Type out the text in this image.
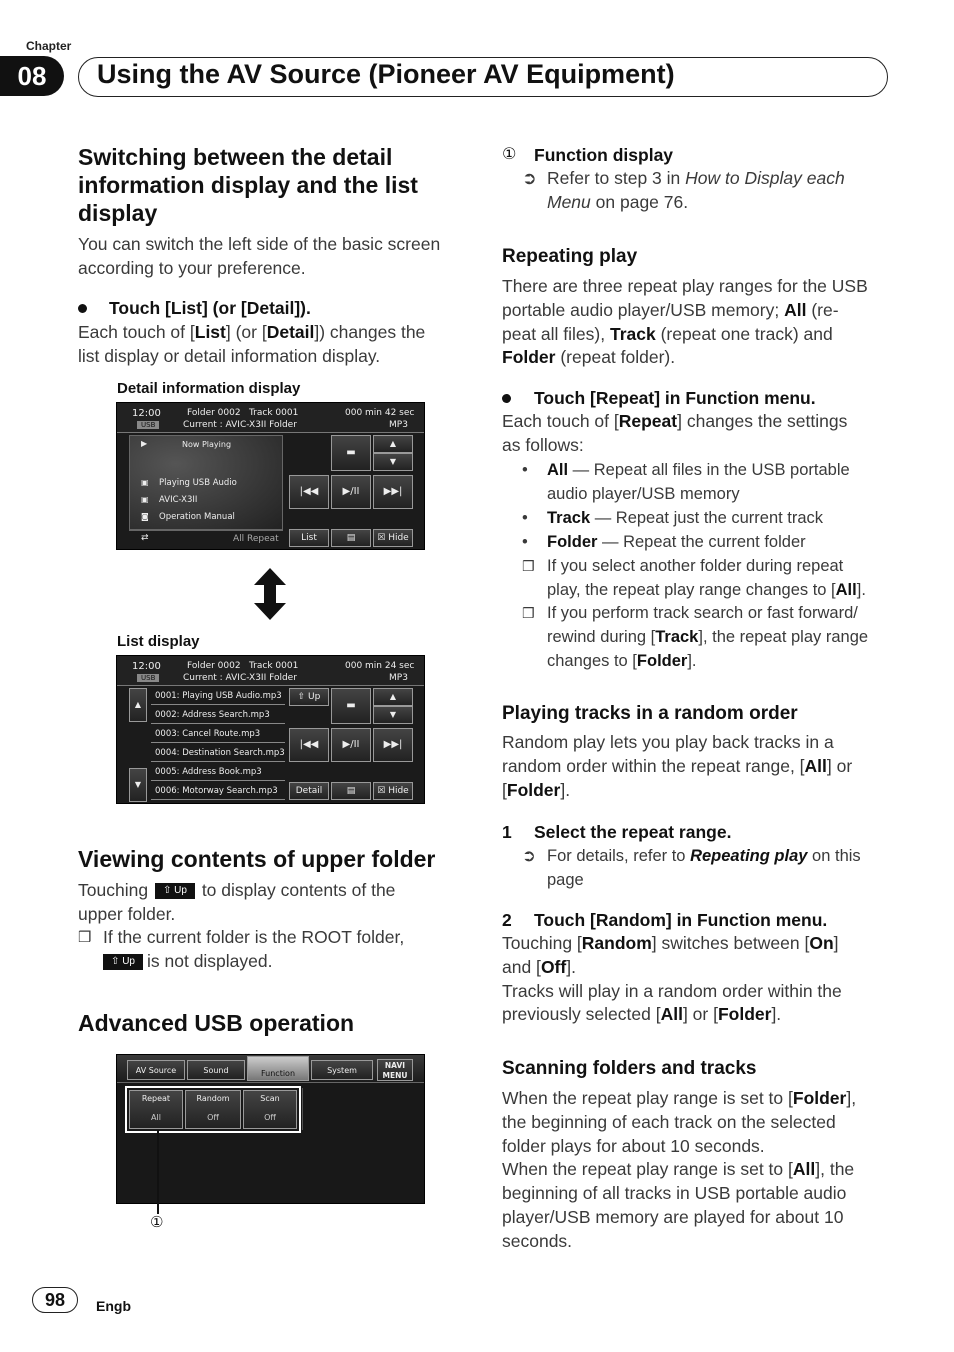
Chapter
08	Using the AV Source (Pioneer AV Equipment)
Switching between the detail
information display and the list
display
You can switch the left side of the basic screen
according to your preference.
Touch [List] (or [Detail]).
Each touch of [List] (or [Detail]) changes the
list display or detail information display.
Detail information display
12:00
USB
Folder 0002 Track 0001	000 min 42 sec
Current : AVIC-X3II Folder	MP3
▶	Now Playing
▣ Playing USB Audio
▣ AVIC-X3II
◙ Operation Manual
⇄	All Repeat
▬
▲
▼
|◀◀	▶/II	▶▶|
List	▤	☒ Hide
List display
12:00
USB
Folder 0002 Track 0001	000 min 24 sec
Current : AVIC-X3II Folder	MP3
▲
▼
0001: Playing USB Audio.mp3
0002: Address Search.mp3
0003: Cancel Route.mp3
0004: Destination Search.mp3
0005: Address Book.mp3
0006: Motorway Search.mp3
⇧ Up
▬
▲
▼
|◀◀	▶/II	▶▶|
Detail	▤	☒ Hide
Viewing contents of upper folder
Touching ⇧ Up to display contents of the
upper folder.
❒ If the current folder is the ROOT folder,
⇧ Up is not displayed.
Advanced USB operation
AV Source	Sound	Function	System
NAVI
MENU
Repeat
All
Random
Off
Scan
Off
①
① Function display
➲ Refer to step 3 in How to Display each
Menu on page 76.
Repeating play
There are three repeat play ranges for the USB
portable audio player/USB memory; All (re-
peat all files), Track (repeat one track) and
Folder (repeat folder).
Touch [Repeat] in Function menu.
Each touch of [Repeat] changes the settings
as follows:
• All — Repeat all files in the USB portable
audio player/USB memory
• Track — Repeat just the current track
• Folder — Repeat the current folder
❒ If you select another folder during repeat
play, the repeat play range changes to [All].
❒ If you perform track search or fast forward/
rewind during [Track], the repeat play range
changes to [Folder].
Playing tracks in a random order
Random play lets you play back tracks in a
random order within the repeat range, [All] or
[Folder].
1 Select the repeat range.
➲ For details, refer to Repeating play on this
page
2 Touch [Random] in Function menu.
Touching [Random] switches between [On]
and [Off].
Tracks will play in a random order within the
previously selected [All] or [Folder].
Scanning folders and tracks
When the repeat play range is set to [Folder],
the beginning of each track on the selected
folder plays for about 10 seconds.
When the repeat play range is set to [All], the
beginning of all tracks in USB portable audio
player/USB memory are played for about 10
seconds.
98	Engb
